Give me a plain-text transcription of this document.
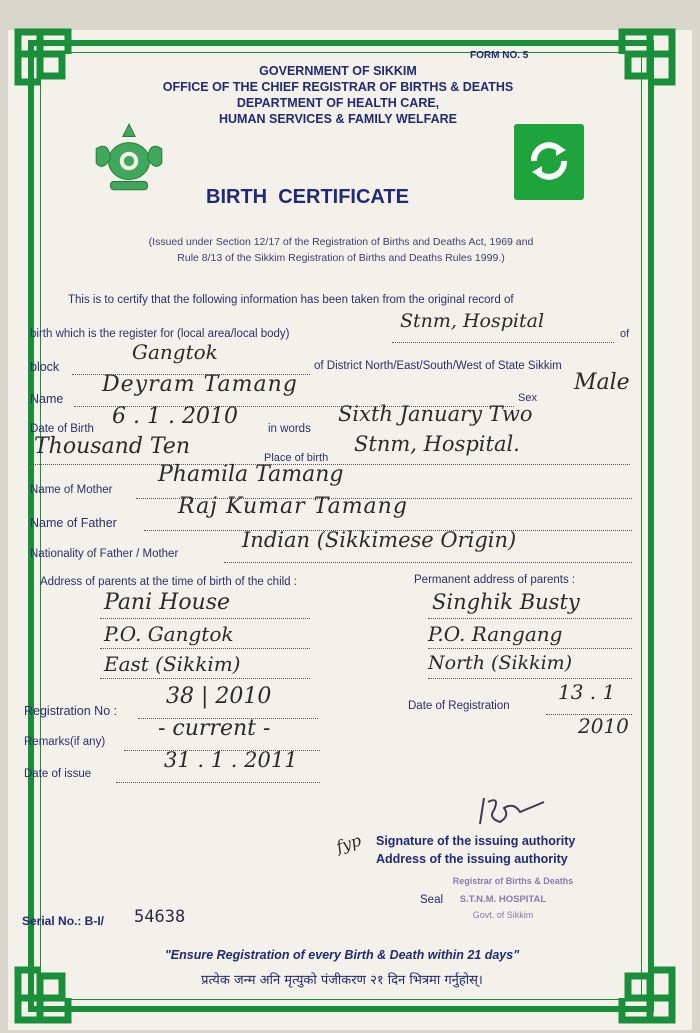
FORM NO. 5
GOVERNMENT OF SIKKIM
OFFICE OF THE CHIEF REGISTRAR OF BIRTHS & DEATHS
DEPARTMENT OF HEALTH CARE,
HUMAN SERVICES & FAMILY WELFARE
BIRTH  CERTIFICATE
(Issued under Section 12/17 of the Registration of Births and Deaths Act, 1969 and
Rule 8/13 of the Sikkim Registration of Births and Deaths Rules 1999.)
This is to certify that the following information has been taken from the original record of
birth which is the register for (local area/local body)
Stnm, Hospital
of
block
Gangtok
of District North/East/South/West of State Sikkim
Name
Deyram Tamang
Sex
Male
Date of Birth 6 . 1 . 2010	in words
Sixth January Two
Thousand Ten	Place of birth
Stnm, Hospital.
Name of Mother
Phamila Tamang
Name of Father
Raj Kumar Tamang
Nationality of Father / Mother
Indian (Sikkimese Origin)
Address of parents at the time of birth of the child :
Pani House
P.O. Gangtok
East (Sikkim)
Permanent address of parents :
Singhik Busty
P.O. Rangang
North (Sikkim)
Registration No :
38 | 2010
Remarks(if any)
- current -
Date of issue
31 . 1 . 2011
Date of Registration
13 . 1
2010
fyp Signature of the issuing authority
Address of the issuing authority
Seal
Registrar of Births & Deaths
S.T.N.M. HOSPITAL
Govt. of Sikkim
Serial No.: B-I/ 54638
"Ensure Registration of every Birth & Death within 21 days"
प्रत्येक जन्म अनि मृत्युको पंजीकरण २१ दिन भित्रमा गर्नुहोस्।
